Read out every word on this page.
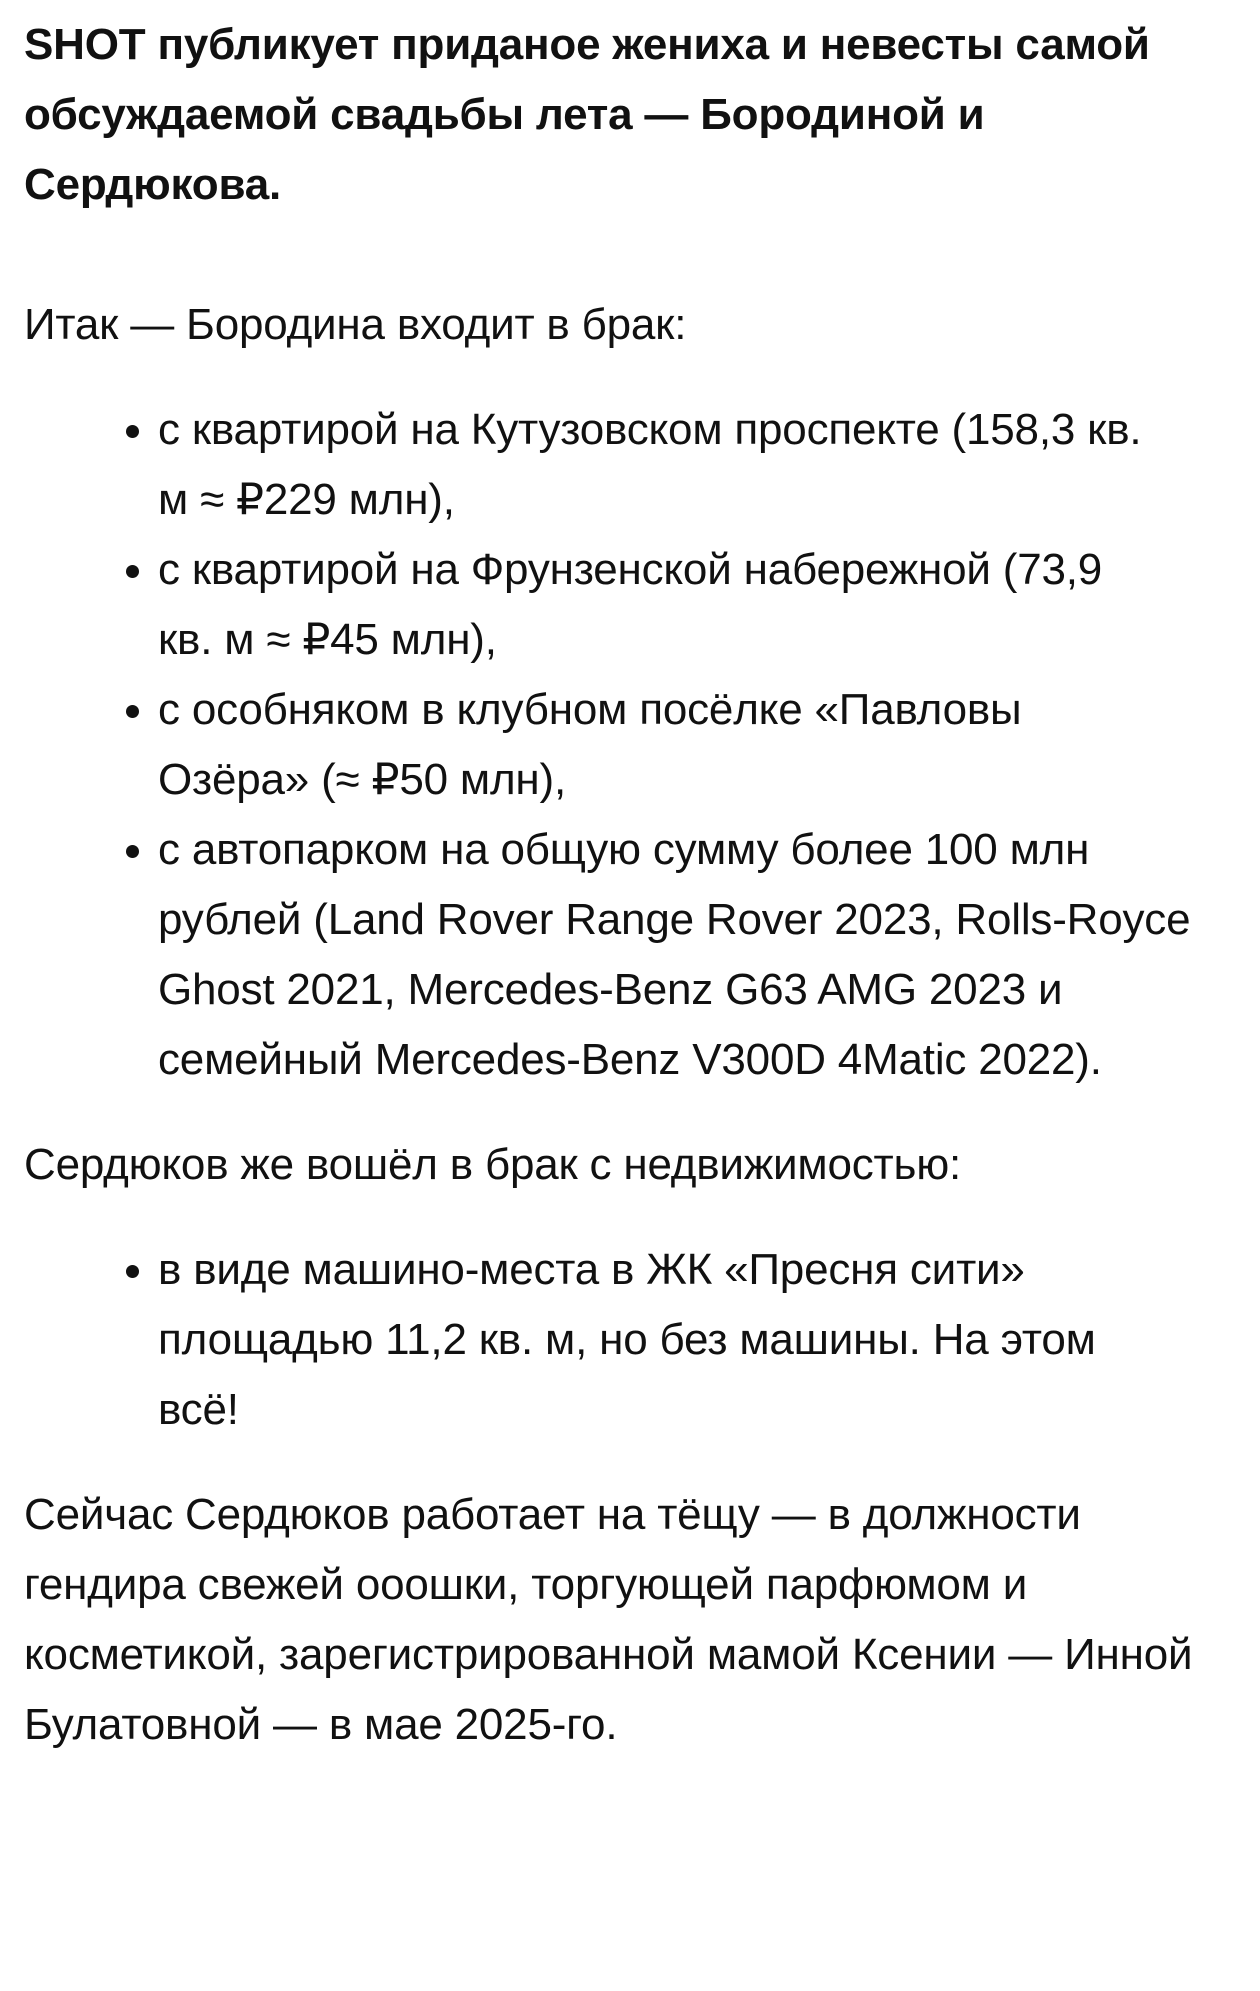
SHOT публикует приданое жениха и невесты самой обсуждаемой свадьбы лета — Бородиной и Сердюкова.

Итак — Бородина входит в брак:

с квартирой на Кутузовском проспекте (158,3 кв. м ≈ ₽229 млн),
с квартирой на Фрунзенской набережной (73,9 кв. м ≈ ₽45 млн),
с особняком в клубном посёлке «Павловы Озёра» (≈ ₽50 млн),
с автопарком на общую сумму более 100 млн рублей (Land Rover Range Rover 2023, Rolls-Royce Ghost 2021, Mercedes-Benz G63 AMG 2023 и семейный Mercedes-Benz V300D 4Matic 2022).

Сердюков же вошёл в брак с недвижимостью:

в виде машино-места в ЖК «Пресня сити» площадью 11,2 кв. м, но без машины. На этом всё!

Сейчас Сердюков работает на тёщу — в должности гендира свежей ооошки, торгующей парфюмом и косметикой, зарегистрированной мамой Ксении — Инной Булатовной — в мае 2025-го.
